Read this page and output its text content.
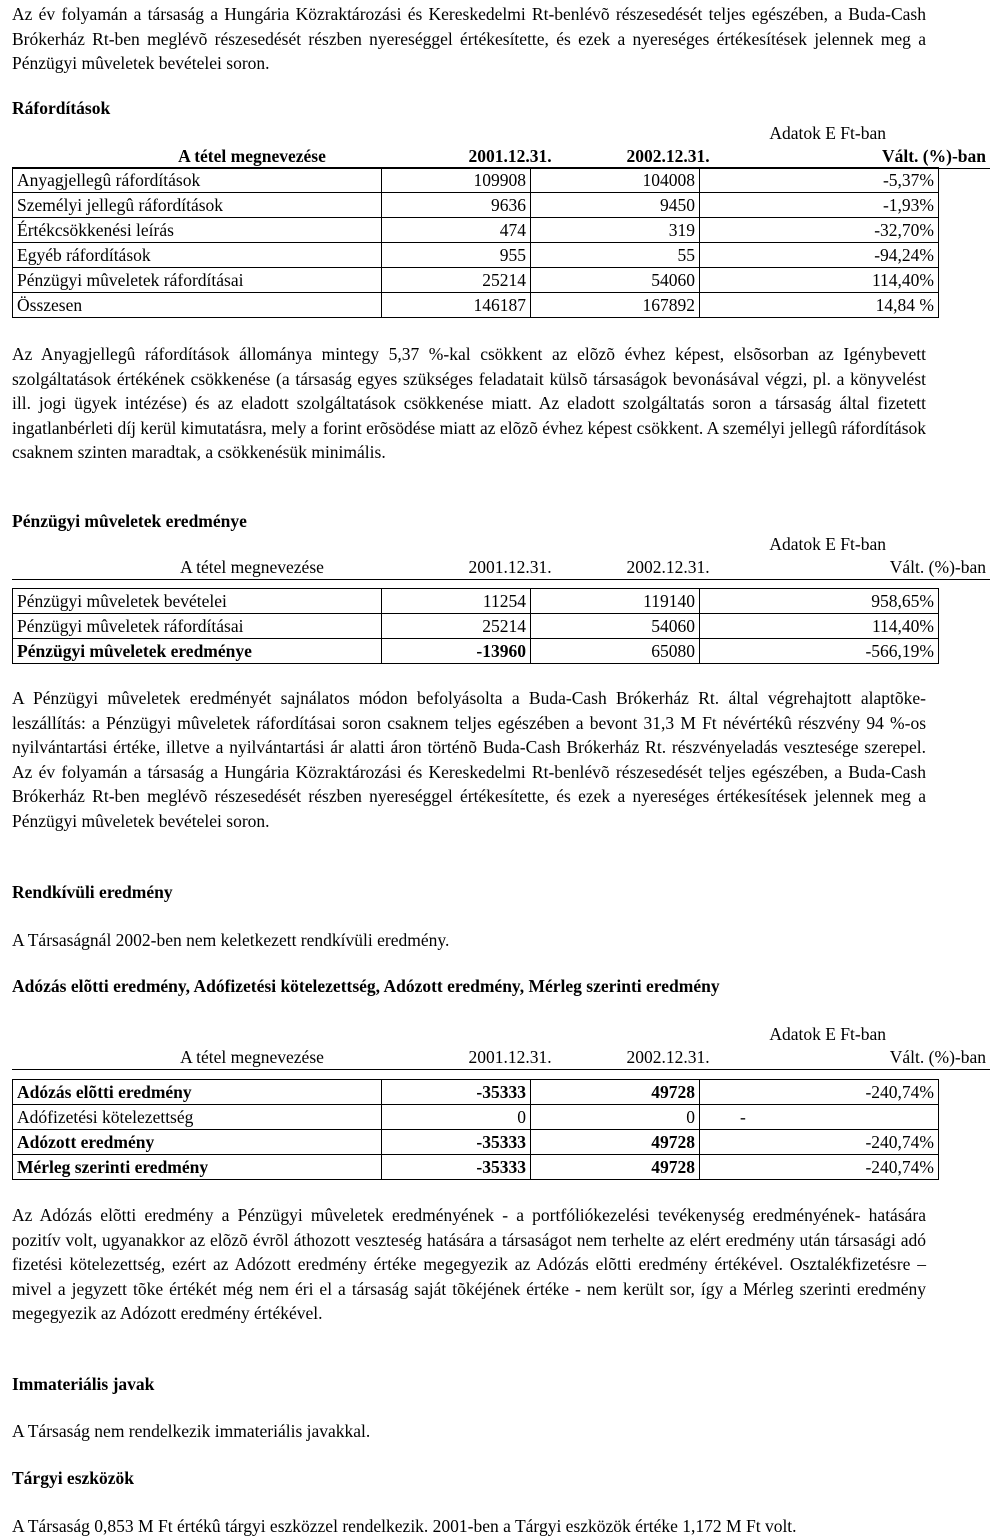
Az év folyamán a társaság a Hungária Közraktározási és Kereskedelmi Rt-benlévõ részesedését teljes egészében, a Buda-Cash Brókerház Rt-ben meglévõ részesedését részben nyereséggel értékesítette, és ezek a nyereséges értékesítések jelennek meg a Pénzügyi mûveletek bevételei soron.

Ráfordítások
Adatok E Ft-ban
A tétel megnevezése	2001.12.31.	2002.12.31.	Vált. (%)-ban
Anyagjellegû ráfordítások	109908	104008	-5,37%
Személyi jellegû ráfordítások	9636	9450	-1,93%
Értékcsökkenési leírás	474	319	-32,70%
Egyéb ráfordítások	955	55	-94,24%
Pénzügyi mûveletek ráfordításai	25214	54060	114,40%
Összesen	146187	167892	14,84 %

Az Anyagjellegû ráfordítások állománya mintegy 5,37 %-kal csökkent az elõzõ évhez képest, elsõsorban az Igénybevett szolgáltatások értékének csökkenése (a társaság egyes szükséges feladatait külsõ társaságok bevonásával végzi, pl. a könyvelést ill. jogi ügyek intézése) és az eladott szolgáltatások csökkenése miatt. Az eladott szolgáltatás soron a társaság által fizetett ingatlanbérleti díj kerül kimutatásra, mely a forint erõsödése miatt az elõzõ évhez képest csökkent. A személyi jellegû ráfordítások csaknem szinten maradtak, a csökkenésük minimális.

Pénzügyi mûveletek eredménye
Adatok E Ft-ban
A tétel megnevezése	2001.12.31.	2002.12.31.	Vált. (%)-ban
Pénzügyi mûveletek bevételei	11254	119140	958,65%
Pénzügyi mûveletek ráfordításai	25214	54060	114,40%
Pénzügyi mûveletek eredménye	-13960	65080	-566,19%

A Pénzügyi mûveletek eredményét sajnálatos módon befolyásolta a Buda-Cash Brókerház Rt. által végrehajtott alaptõke-leszállítás: a Pénzügyi mûveletek ráfordításai soron csaknem teljes egészében a bevont 31,3 M Ft névértékû részvény 94 %-os nyilvántartási értéke, illetve a nyilvántartási ár alatti áron történõ Buda-Cash Brókerház Rt. részvényeladás vesztesége szerepel. Az év folyamán a társaság a Hungária Közraktározási és Kereskedelmi Rt-benlévõ részesedését teljes egészében, a Buda-Cash Brókerház Rt-ben meglévõ részesedését részben nyereséggel értékesítette, és ezek a nyereséges értékesítések jelennek meg a Pénzügyi mûveletek bevételei soron.

Rendkívüli eredmény

A Társaságnál 2002-ben nem keletkezett rendkívüli eredmény.

Adózás elõtti eredmény, Adófizetési kötelezettség, Adózott eredmény, Mérleg szerinti eredmény
Adatok E Ft-ban
A tétel megnevezése	2001.12.31.	2002.12.31.	Vált. (%)-ban
Adózás elõtti eredmény	-35333	49728	-240,74%
Adófizetési kötelezettség	0	0	-
Adózott eredmény	-35333	49728	-240,74%
Mérleg szerinti eredmény	-35333	49728	-240,74%

Az Adózás elõtti eredmény a Pénzügyi mûveletek eredményének - a portfóliókezelési tevékenység eredményének- hatására pozitív volt, ugyanakkor az elõzõ évrõl áthozott veszteség hatására a társaságot nem terhelte az elért eredmény után társasági adó fizetési kötelezettség, ezért az Adózott eredmény értéke megegyezik az Adózás elõtti eredmény értékével. Osztalékfizetésre – mivel a jegyzett tõke értékét még nem éri el a társaság saját tõkéjének értéke - nem került sor, így a Mérleg szerinti eredmény megegyezik az Adózott eredmény értékével.

Immateriális javak

A Társaság nem rendelkezik immateriális javakkal.

Tárgyi eszközök

A Társaság 0,853 M Ft értékû tárgyi eszközzel rendelkezik. 2001-ben a Tárgyi eszközök értéke 1,172 M Ft volt.
